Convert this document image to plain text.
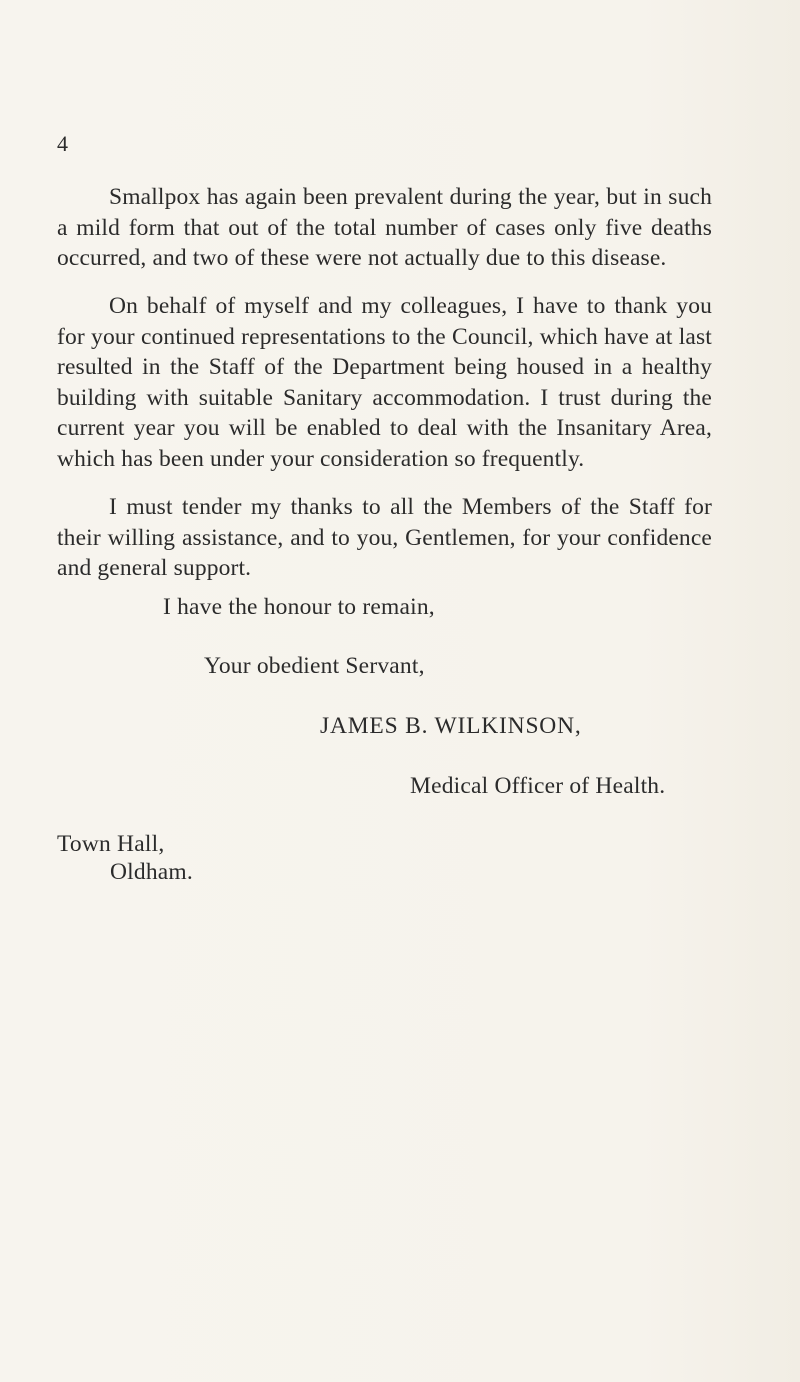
4

Smallpox has again been prevalent during the year, but in such a mild form that out of the total number of cases only five deaths occurred, and two of these were not actually due to this disease.

On behalf of myself and my colleagues, I have to thank you for your continued representations to the Council, which have at last resulted in the Staff of the Department being housed in a healthy building with suitable Sanitary accommodation. I trust during the current year you will be enabled to deal with the Insanitary Area, which has been under your consideration so frequently.

I must tender my thanks to all the Members of the Staff for their willing assistance, and to you, Gentlemen, for your confidence and general support.

I have the honour to remain,
Your obedient Servant,
JAMES B. WILKINSON,
Medical Officer of Health.
Town Hall,
Oldham.
